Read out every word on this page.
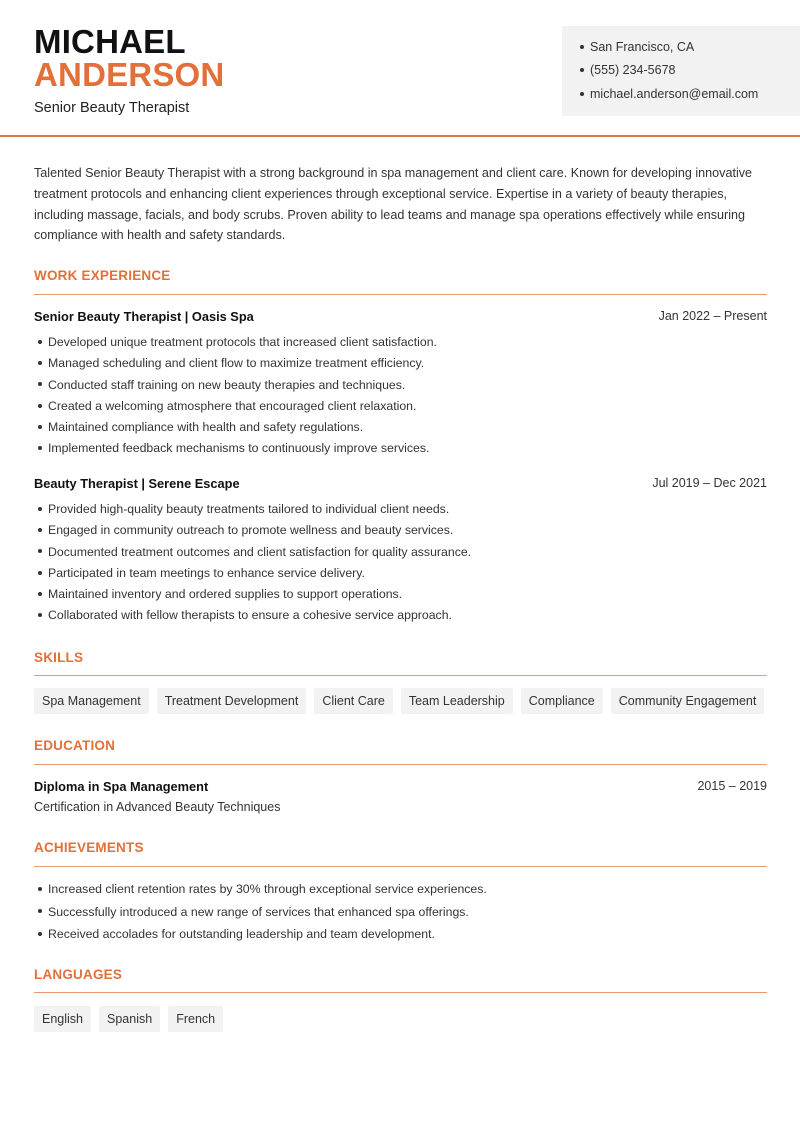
MICHAEL
ANDERSON
Senior Beauty Therapist
San Francisco, CA
(555) 234-5678
michael.anderson@email.com
Talented Senior Beauty Therapist with a strong background in spa management and client care. Known for developing innovative treatment protocols and enhancing client experiences through exceptional service. Expertise in a variety of beauty therapies, including massage, facials, and body scrubs. Proven ability to lead teams and manage spa operations effectively while ensuring compliance with health and safety standards.
WORK EXPERIENCE
Senior Beauty Therapist | Oasis Spa	Jan 2022 – Present
Developed unique treatment protocols that increased client satisfaction.
Managed scheduling and client flow to maximize treatment efficiency.
Conducted staff training on new beauty therapies and techniques.
Created a welcoming atmosphere that encouraged client relaxation.
Maintained compliance with health and safety regulations.
Implemented feedback mechanisms to continuously improve services.
Beauty Therapist | Serene Escape	Jul 2019 – Dec 2021
Provided high-quality beauty treatments tailored to individual client needs.
Engaged in community outreach to promote wellness and beauty services.
Documented treatment outcomes and client satisfaction for quality assurance.
Participated in team meetings to enhance service delivery.
Maintained inventory and ordered supplies to support operations.
Collaborated with fellow therapists to ensure a cohesive service approach.
SKILLS
Spa Management	Treatment Development	Client Care	Team Leadership	Compliance	Community Engagement
EDUCATION
Diploma in Spa Management	2015 – 2019
Certification in Advanced Beauty Techniques
ACHIEVEMENTS
Increased client retention rates by 30% through exceptional service experiences.
Successfully introduced a new range of services that enhanced spa offerings.
Received accolades for outstanding leadership and team development.
LANGUAGES
English	Spanish	French
